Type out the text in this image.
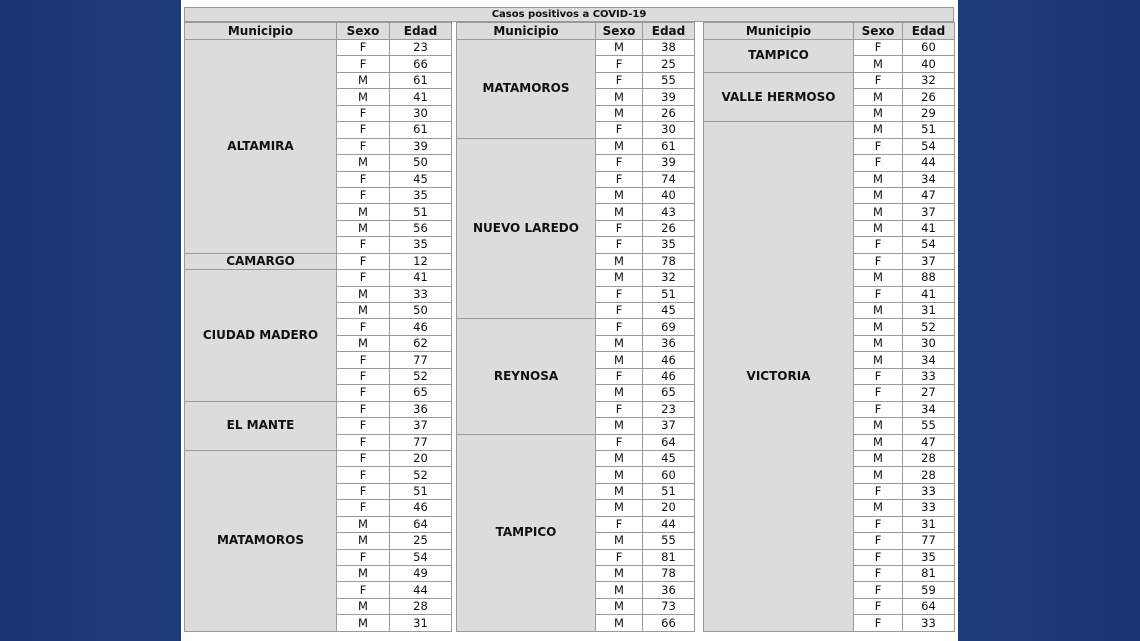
Casos positivos a COVID-19
Municipio	Sexo	Edad
ALTAMIRA	F	23
	F	66
	M	61
	M	41
	F	30
	F	61
	F	39
	M	50
	F	45
	F	35
	M	51
	M	56
	F	35
CAMARGO	F	12
CIUDAD MADERO	F	41
	M	33
	M	50
	F	46
	M	62
	F	77
	F	52
	F	65
EL MANTE	F	36
	F	37
	F	77
MATAMOROS	F	20
	F	52
	F	51
	F	46
	M	64
	M	25
	F	54
	M	49
	F	44
	M	28
	M	31
Municipio	Sexo	Edad
MATAMOROS	M	38
	F	25
	F	55
	M	39
	M	26
	F	30
NUEVO LAREDO	M	61
	F	39
	F	74
	M	40
	M	43
	F	26
	F	35
	M	78
	M	32
	F	51
	F	45
REYNOSA	F	69
	M	36
	M	46
	F	46
	M	65
	F	23
	M	37
TAMPICO	F	64
	M	45
	M	60
	M	51
	M	20
	F	44
	M	55
	F	81
	M	78
	M	36
	M	73
	M	66
Municipio	Sexo	Edad
TAMPICO	F	60
	M	40
VALLE HERMOSO	F	32
	M	26
	M	29
VICTORIA	M	51
	F	54
	F	44
	M	34
	M	47
	M	37
	M	41
	F	54
	F	37
	M	88
	F	41
	M	31
	M	52
	M	30
	M	34
	F	33
	F	27
	F	34
	M	55
	M	47
	M	28
	M	28
	F	33
	M	33
	F	31
	F	77
	F	35
	F	81
	F	59
	F	64
	F	33
